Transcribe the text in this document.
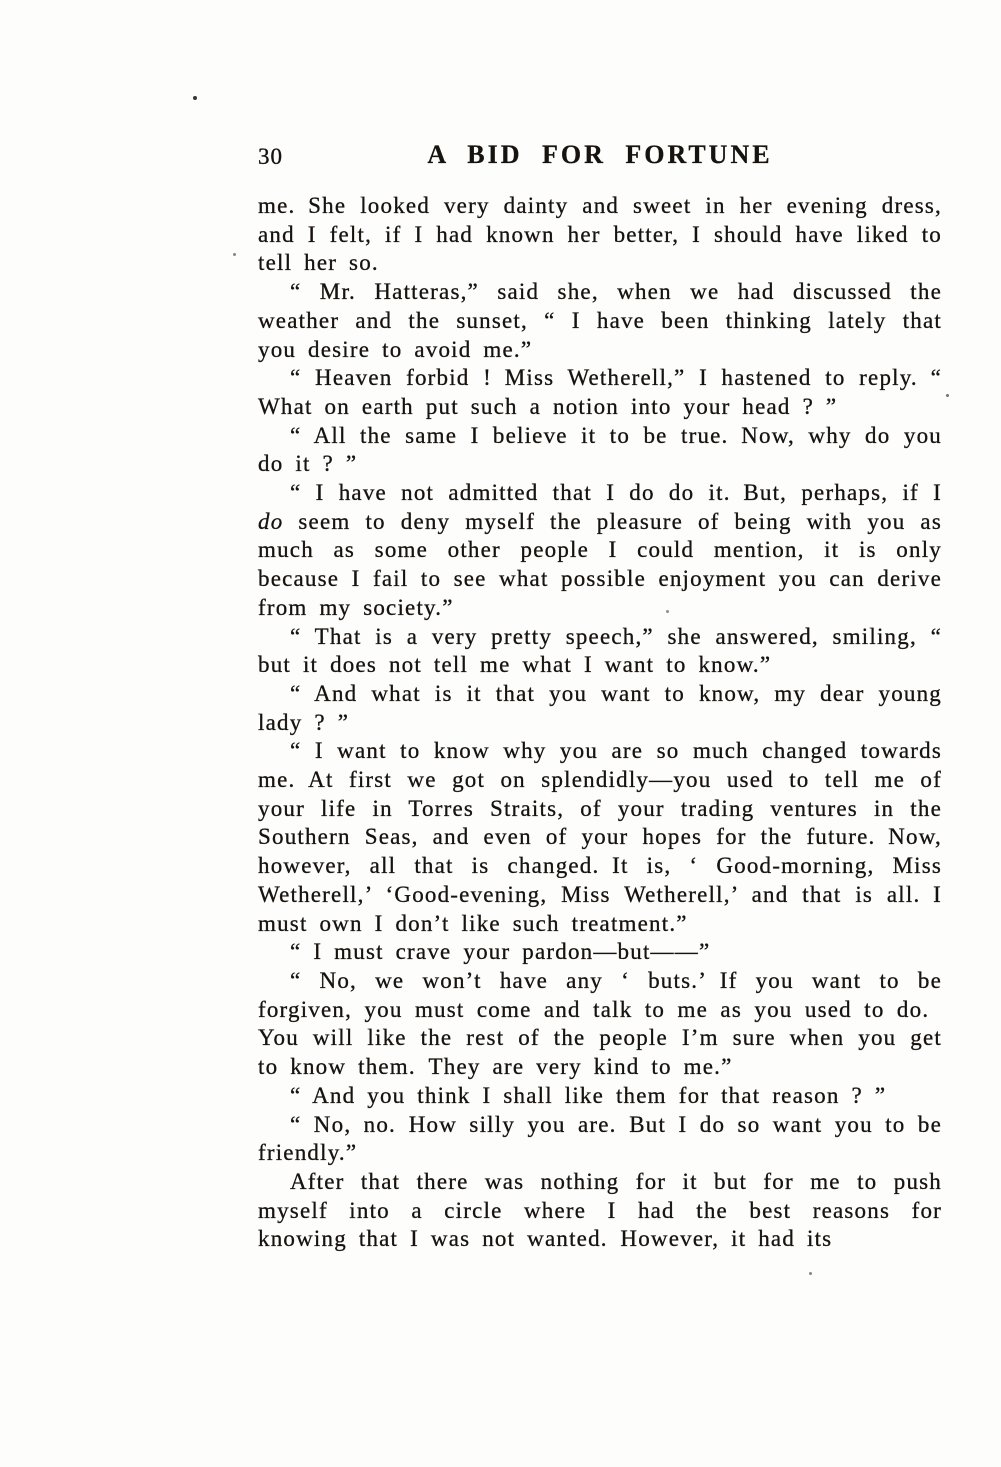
30	A BID FOR FORTUNE

me. She looked very dainty and sweet in her evening dress, and I felt, if I had known her better, I should have liked to tell her so.

“ Mr. Hatteras,” said she, when we had discussed the weather and the sunset, “ I have been thinking lately that you desire to avoid me.”

“ Heaven forbid ! Miss Wetherell,” I hastened to reply. “ What on earth put such a notion into your head ? ”

“ All the same I believe it to be true. Now, why do you do it ? ”

“ I have not admitted that I do do it. But, perhaps, if I do seem to deny myself the pleasure of being with you as much as some other people I could mention, it is only because I fail to see what possible enjoyment you can derive from my society.”

“ That is a very pretty speech,” she answered, smiling, “ but it does not tell me what I want to know.”

“ And what is it that you want to know, my dear young lady ? ”

“ I want to know why you are so much changed towards me. At first we got on splendidly—you used to tell me of your life in Torres Straits, of your trading ventures in the Southern Seas, and even of your hopes for the future. Now, however, all that is changed. It is, ‘ Good-morning, Miss Wetherell,’ ‘Good-evening, Miss Wetherell,’ and that is all. I must own I don’t like such treatment.”

“ I must crave your pardon—but——”

“ No, we won’t have any ‘ buts.’ If you want to be forgiven, you must come and talk to me as you used to do. You will like the rest of the people I’m sure when you get to know them. They are very kind to me.”

“ And you think I shall like them for that reason ? ”

“ No, no. How silly you are. But I do so want you to be friendly.”

After that there was nothing for it but for me to push myself into a circle where I had the best reasons for knowing that I was not wanted. However, it had its
